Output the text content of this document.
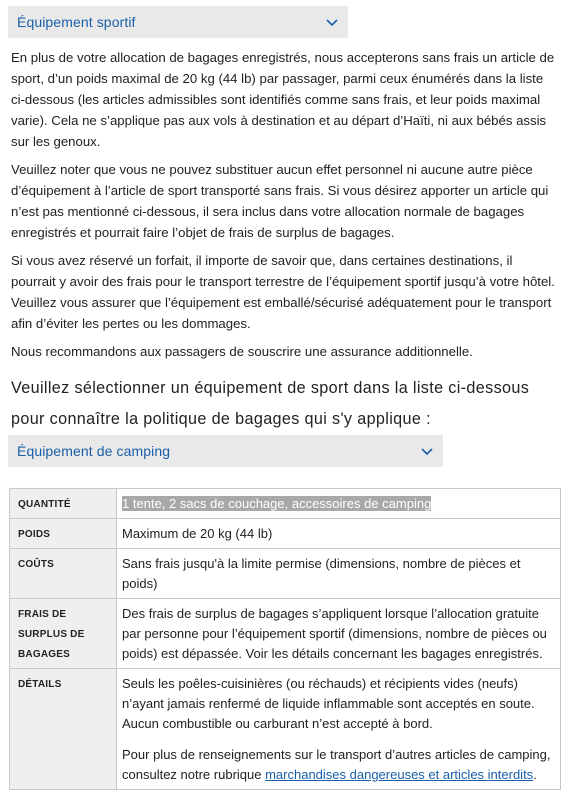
Équipement sportif

En plus de votre allocation de bagages enregistrés, nous accepterons sans frais un article de sport, d’un poids maximal de 20 kg (44 lb) par passager, parmi ceux énumérés dans la liste ci-dessous (les articles admissibles sont identifiés comme sans frais, et leur poids maximal varie). Cela ne s’applique pas aux vols à destination et au départ d’Haïti, ni aux bébés assis sur les genoux.

Veuillez noter que vous ne pouvez substituer aucun effet personnel ni aucune autre pièce d’équipement à l’article de sport transporté sans frais. Si vous désirez apporter un article qui n’est pas mentionné ci-dessous, il sera inclus dans votre allocation normale de bagages enregistrés et pourrait faire l’objet de frais de surplus de bagages.

Si vous avez réservé un forfait, il importe de savoir que, dans certaines destinations, il pourrait y avoir des frais pour le transport terrestre de l’équipement sportif jusqu’à votre hôtel. Veuillez vous assurer que l’équipement est emballé/sécurisé adéquatement pour le transport afin d’éviter les pertes ou les dommages.

Nous recommandons aux passagers de souscrire une assurance additionnelle.

Veuillez sélectionner un équipement de sport dans la liste ci-dessous pour connaître la politique de bagages qui s'y applique :

Équipement de camping
QUANTITÉ	1 tente, 2 sacs de couchage, accessoires de camping
POIDS	Maximum de 20 kg (44 lb)
COÛTS	Sans frais jusqu'à la limite permise (dimensions, nombre de pièces et poids)
FRAIS DE SURPLUS DE BAGAGES	Des frais de surplus de bagages s’appliquent lorsque l’allocation gratuite par personne pour l’équipement sportif (dimensions, nombre de pièces ou poids) est dépassée. Voir les détails concernant les bagages enregistrés.
DÉTAILS	Seuls les poêles-cuisinières (ou réchauds) et récipients vides (neufs) n’ayant jamais renfermé de liquide inflammable sont acceptés en soute. Aucun combustible ou carburant n’est accepté à bord.

Pour plus de renseignements sur le transport d’autres articles de camping, consultez notre rubrique marchandises dangereuses et articles interdits.
